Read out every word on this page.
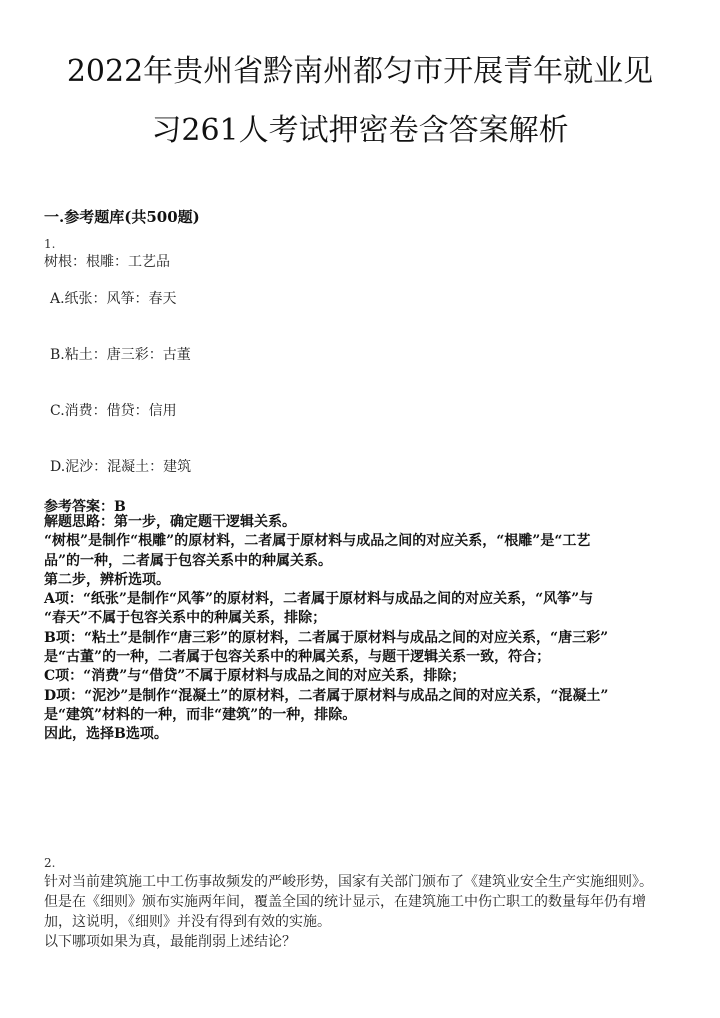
2022年贵州省黔南州都匀市开展青年就业见
习261人考试押密卷含答案解析
一.参考题库(共500题)
1.
树根：根雕：工艺品
A.纸张：风筝：春天
B.粘土：唐三彩：古董
C.消费：借贷：信用
D.泥沙：混凝土：建筑
参考答案：B
解题思路：第一步，确定题干逻辑关系。
“树根”是制作“根雕”的原材料，二者属于原材料与成品之间的对应关系，“根雕”是“工艺
品”的一种，二者属于包容关系中的种属关系。
第二步，辨析选项。
A项：“纸张”是制作“风筝”的原材料，二者属于原材料与成品之间的对应关系，“风筝”与
“春天”不属于包容关系中的种属关系，排除；
B项：“粘土”是制作“唐三彩”的原材料，二者属于原材料与成品之间的对应关系，“唐三彩”
是“古董”的一种，二者属于包容关系中的种属关系，与题干逻辑关系一致，符合；
C项：“消费”与“借贷”不属于原材料与成品之间的对应关系，排除；
D项：“泥沙”是制作“混凝土”的原材料，二者属于原材料与成品之间的对应关系，“混凝土”
是“建筑”材料的一种，而非“建筑”的一种，排除。
因此，选择B选项。
2.
针对当前建筑施工中工伤事故频发的严峻形势，国家有关部门颁布了《建筑业安全生产实施细则》。
但是在《细则》颁布实施两年间，覆盖全国的统计显示，在建筑施工中伤亡职工的数量每年仍有增
加，这说明，《细则》并没有得到有效的实施。
以下哪项如果为真，最能削弱上述结论？
